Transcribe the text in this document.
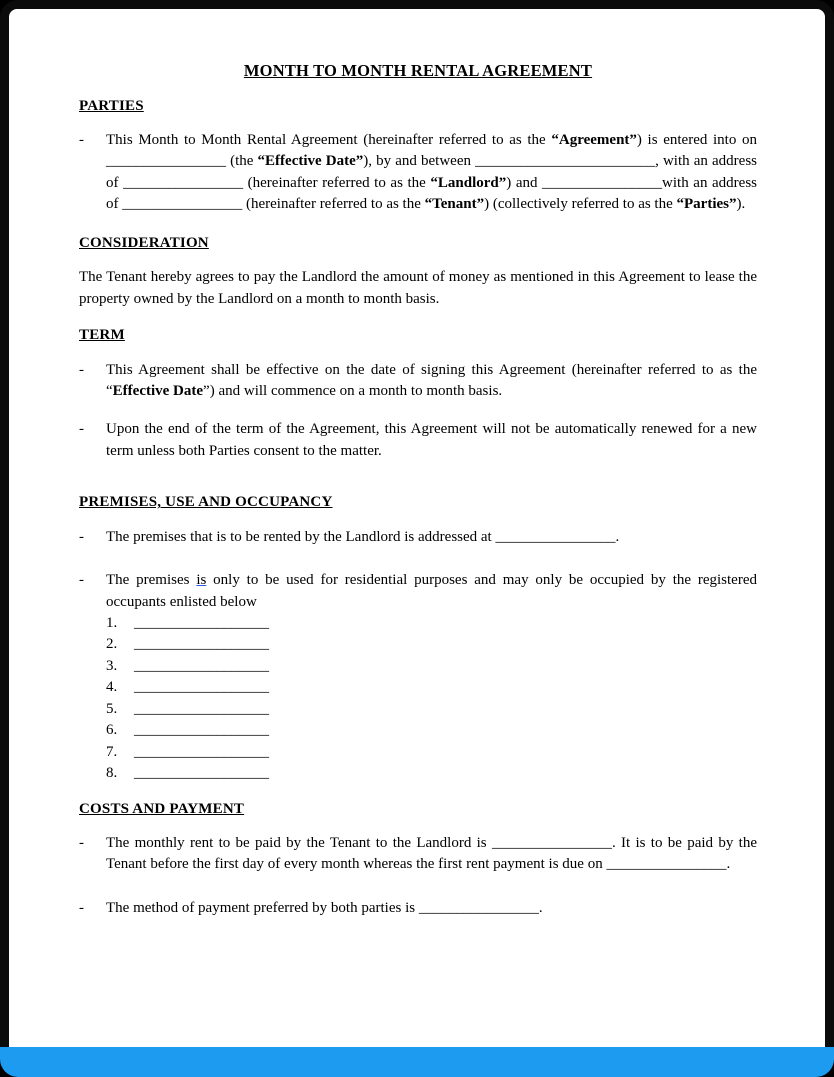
MONTH TO MONTH RENTAL AGREEMENT
PARTIES
-	This Month to Month Rental Agreement (hereinafter referred to as the “Agreement”) is entered into on ________________ (the “Effective Date”), by and between ________________________, with an address of ________________ (hereinafter referred to as the “Landlord”) and ________________with an address of ________________ (hereinafter referred to as the “Tenant”) (collectively referred to as the “Parties”).
CONSIDERATION

The Tenant hereby agrees to pay the Landlord the amount of money as mentioned in this Agreement to lease the property owned by the Landlord on a month to month basis.

TERM
-	This Agreement shall be effective on the date of signing this Agreement (hereinafter referred to as the “Effective Date”) and will commence on a month to month basis.
-	Upon the end of the term of the Agreement, this Agreement will not be automatically renewed for a new term unless both Parties consent to the matter.
PREMISES, USE AND OCCUPANCY
-	The premises that is to be rented by the Landlord is addressed at ________________.
-	The premises is only to be used for residential purposes and may only be occupied by the registered occupants enlisted below
1.	__________________
2.	__________________
3.	__________________
4.	__________________
5.	__________________
6.	__________________
7.	__________________
8.	__________________
COSTS AND PAYMENT
-	The monthly rent to be paid by the Tenant to the Landlord is ________________. It is to be paid by the Tenant before the first day of every month whereas the first rent payment is due on ________________.
-	The method of payment preferred by both parties is ________________.
